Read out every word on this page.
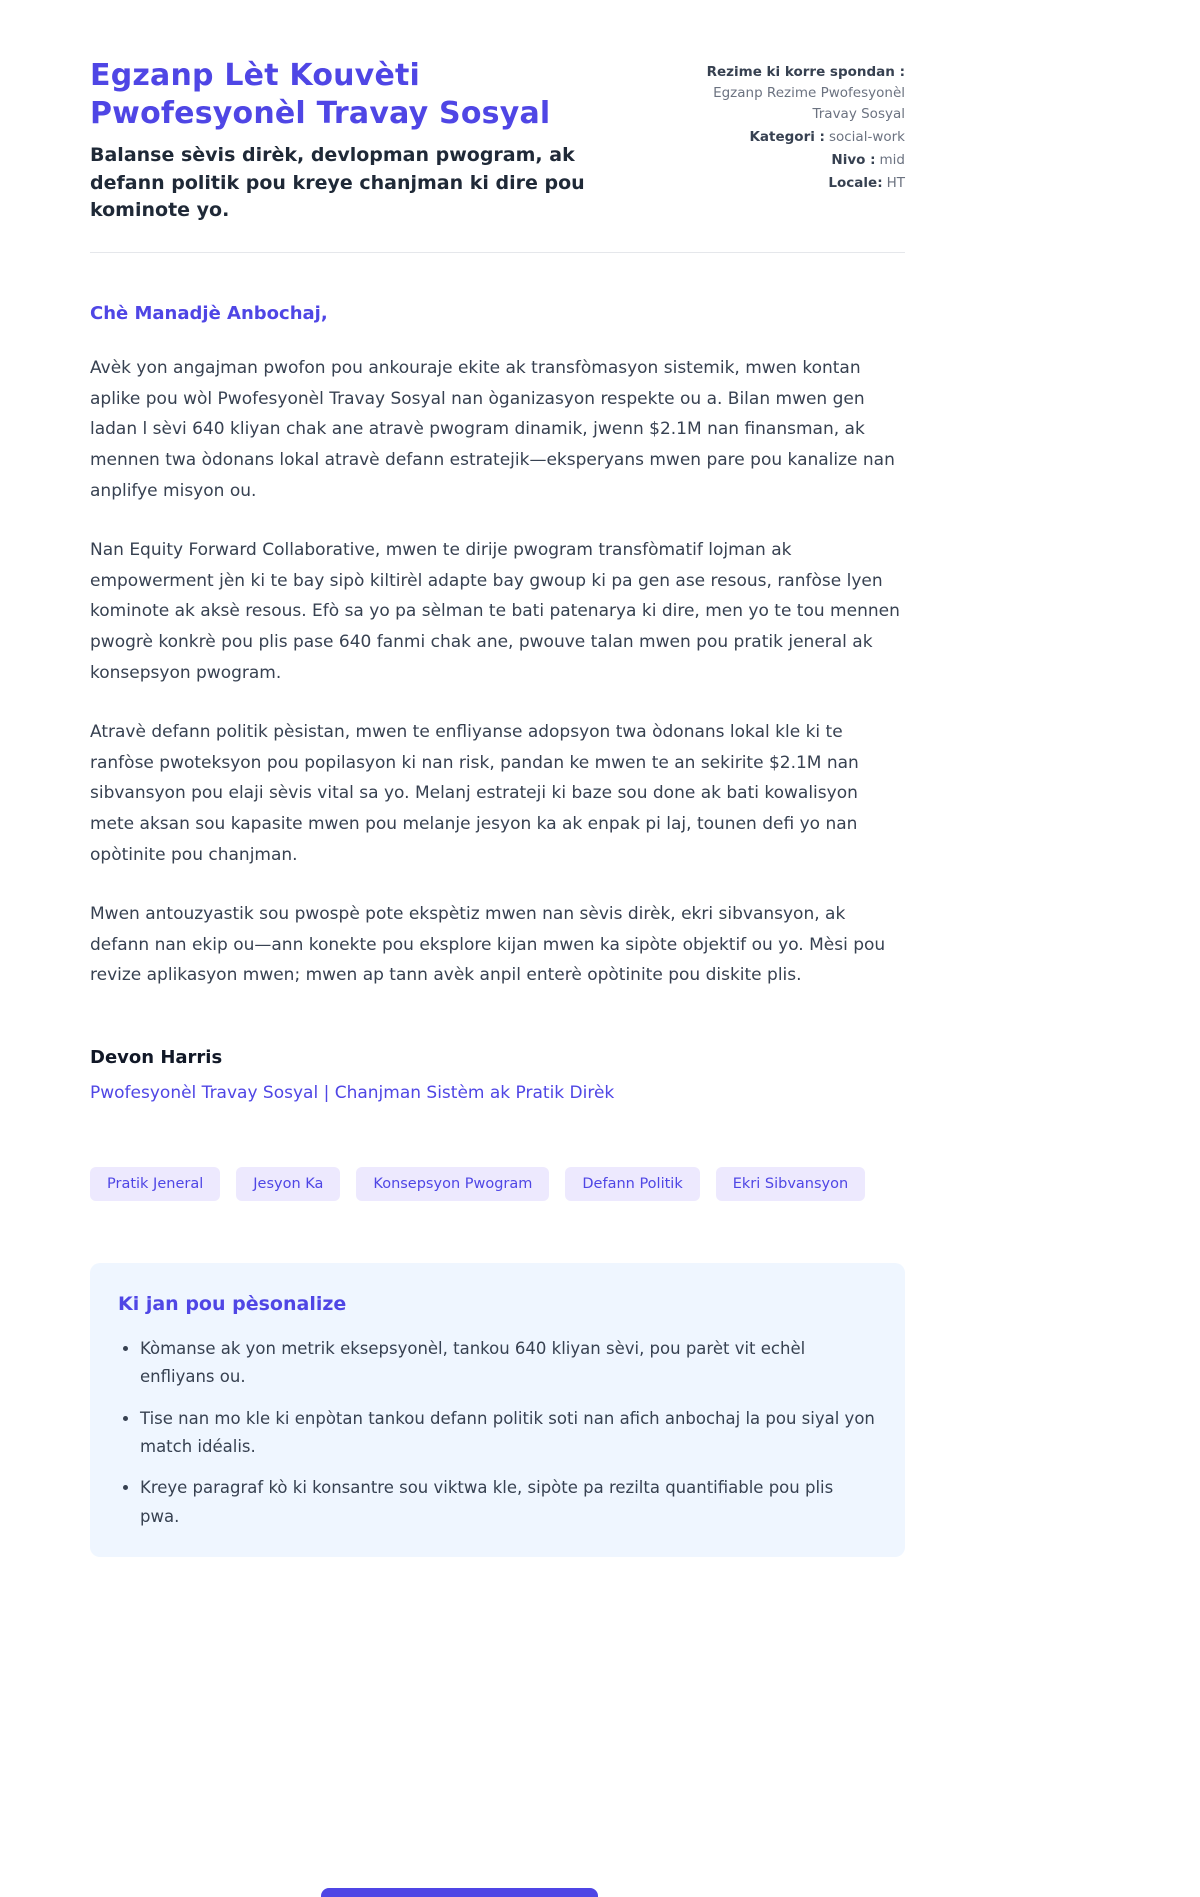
Egzanp Lèt Kouvèti Pwofesyonèl Travay Sosyal
Balanse sèvis dirèk, devlopman pwogram, ak defann politik pou kreye chanjman ki dire pou kominote yo.
Rezime ki korre spondan :
Egzanp Rezime Pwofesyonèl Travay Sosyal
Kategori : social-work
Nivo : mid
Locale: HT

Chè Manadjè Anbochaj,

Avèk yon angajman pwofon pou ankouraje ekite ak transfòmasyon sistemik, mwen kontan aplike pou wòl Pwofesyonèl Travay Sosyal nan òganizasyon respekte ou a. Bilan mwen gen ladan l sèvi 640 kliyan chak ane atravè pwogram dinamik, jwenn $2.1M nan finansman, ak mennen twa òdonans lokal atravè defann estratejik—eksperyans mwen pare pou kanalize nan anplifye misyon ou.

Nan Equity Forward Collaborative, mwen te dirije pwogram transfòmatif lojman ak empowerment jèn ki te bay sipò kiltirèl adapte bay gwoup ki pa gen ase resous, ranfòse lyen kominote ak aksè resous. Efò sa yo pa sèlman te bati patenarya ki dire, men yo te tou mennen pwogrè konkrè pou plis pase 640 fanmi chak ane, pwouve talan mwen pou pratik jeneral ak konsepsyon pwogram.

Atravè defann politik pèsistan, mwen te enfliyanse adopsyon twa òdonans lokal kle ki te ranfòse pwoteksyon pou popilasyon ki nan risk, pandan ke mwen te an sekirite $2.1M nan sibvansyon pou elaji sèvis vital sa yo. Melanj estrateji ki baze sou done ak bati kowalisyon mete aksan sou kapasite mwen pou melanje jesyon ka ak enpak pi laj, tounen defi yo nan opòtinite pou chanjman.

Mwen antouzyastik sou pwospè pote ekspètiz mwen nan sèvis dirèk, ekri sibvansyon, ak defann nan ekip ou—ann konekte pou eksplore kijan mwen ka sipòte objektif ou yo. Mèsi pou revize aplikasyon mwen; mwen ap tann avèk anpil enterè opòtinite pou diskite plis.

Devon Harris

Pwofesyonèl Travay Sosyal | Chanjman Sistèm ak Pratik Dirèk

Pratik Jeneral	Jesyon Ka	Konsepsyon Pwogram	Defann Politik	Ekri Sibvansyon
Ki jan pou pèsonalize
• Kòmanse ak yon metrik eksepsyonèl, tankou 640 kliyan sèvi, pou parèt vit echèl enfliyans ou.
• Tise nan mo kle ki enpòtan tankou defann politik soti nan afich anbochaj la pou siyal yon match idéalis.
• Kreye paragraf kò ki konsantre sou viktwa kle, sipòte pa rezilta quantifiable pou plis pwa.
